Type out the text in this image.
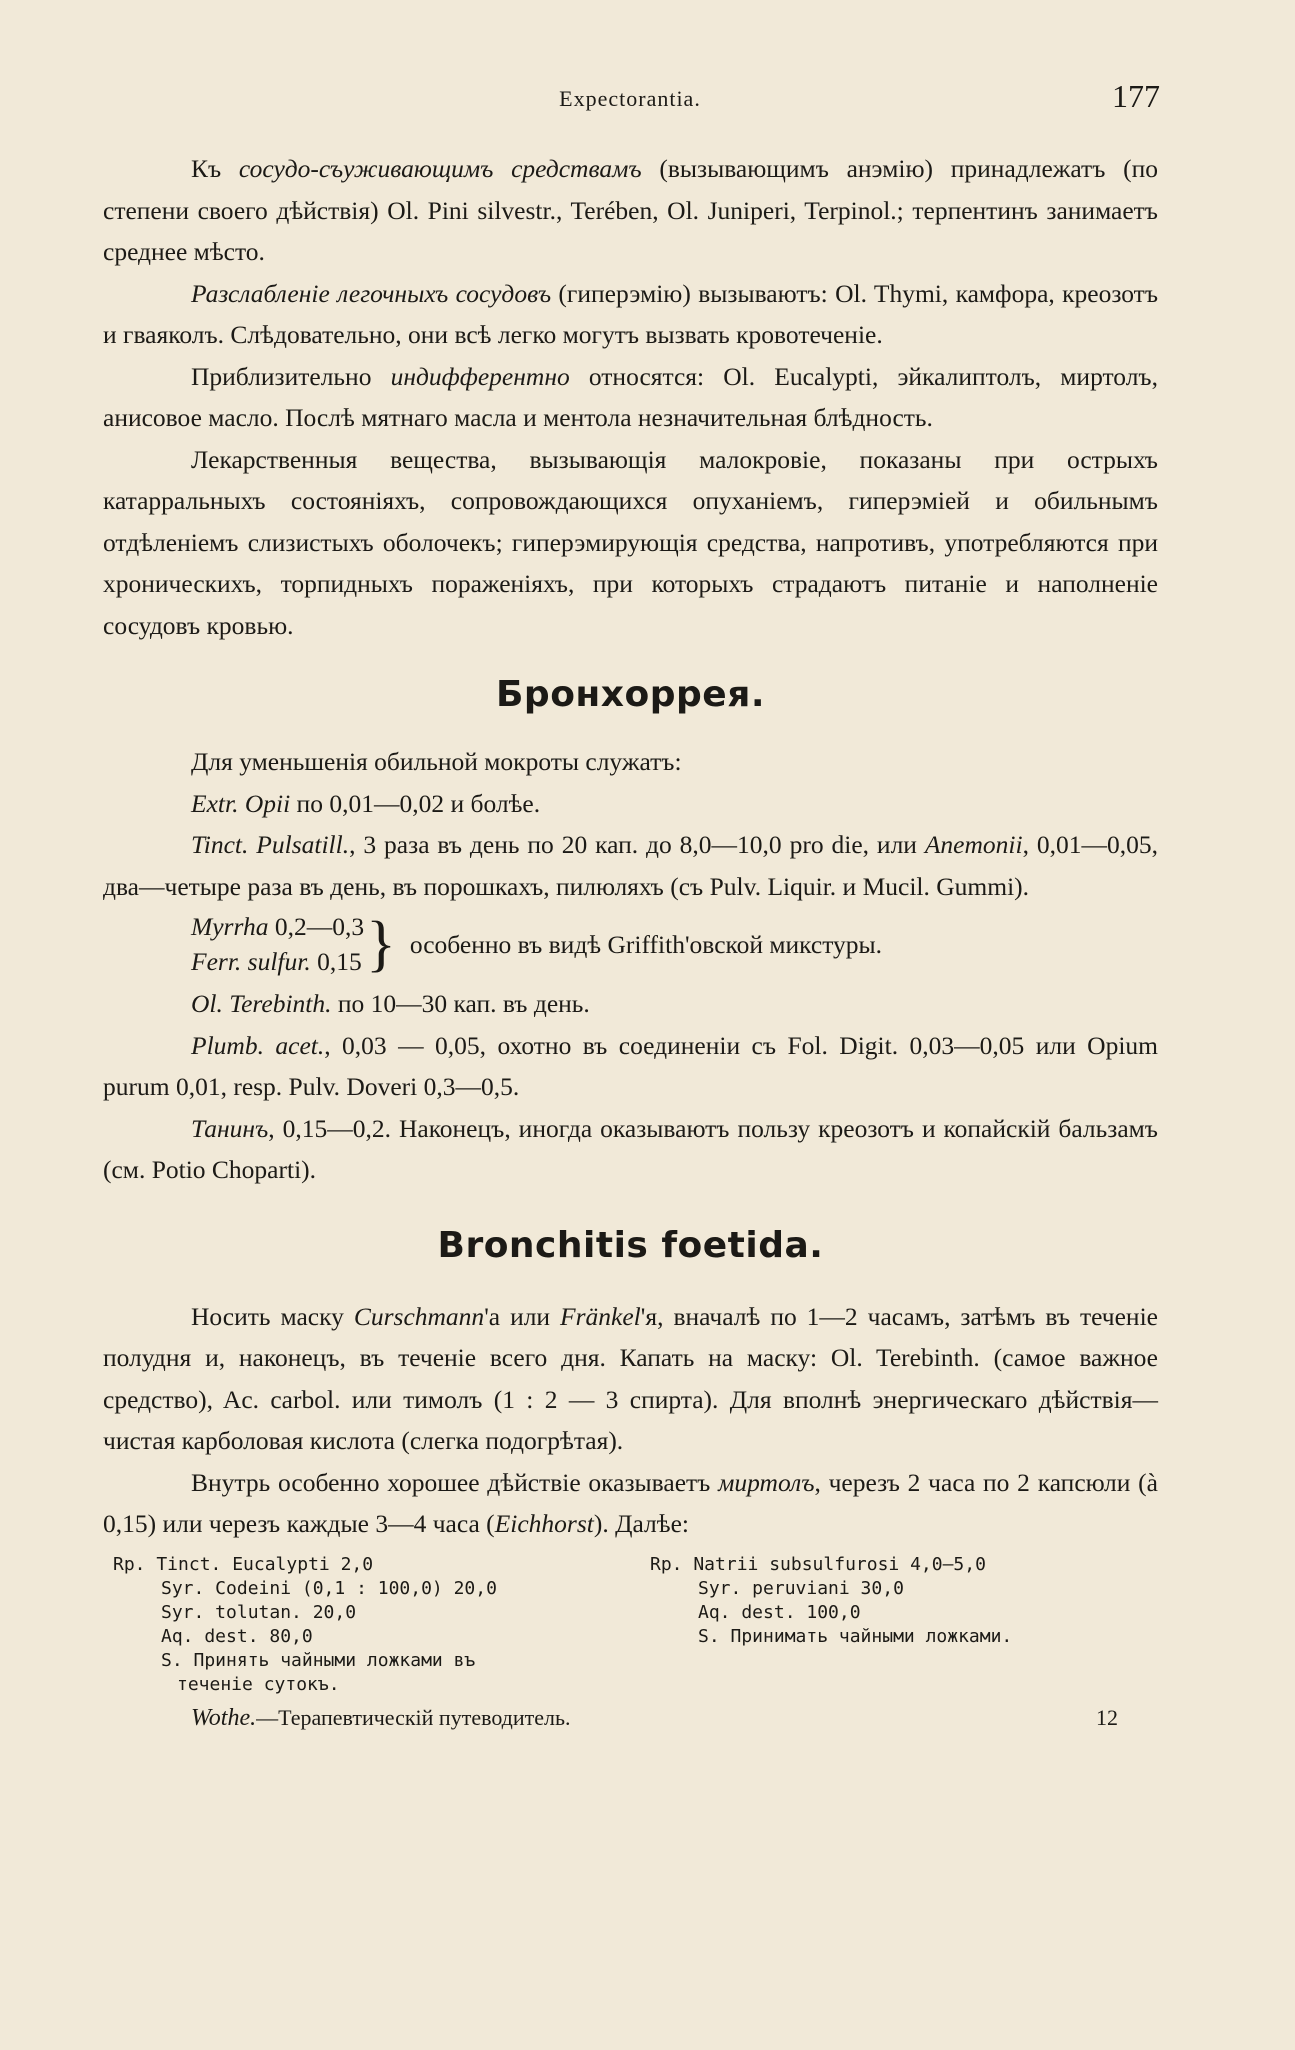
Expectorantia.	177

Къ сосудо-съуживающимъ средствамъ (вызывающимъ анэмію) принадлежатъ (по степени своего дѣйствія) Ol. Pini silvestr., Terében, Ol. Juniperi, Terpinol.; терпентинъ занимаетъ среднее мѣсто.

Разслабленіе легочныхъ сосудовъ (гиперэмію) вызываютъ: Ol. Thymi, камфора, креозотъ и гваяколъ. Слѣдовательно, они всѣ легко могутъ вызвать кровотеченіе.

Приблизительно индифферентно относятся: Ol. Eucalypti, эйкалиптолъ, миртолъ, анисовое масло. Послѣ мятнаго масла и ментола незначительная блѣдность.

Лекарственныя вещества, вызывающія малокровіе, показаны при острыхъ катарральныхъ состояніяхъ, сопровождающихся опуханіемъ, гиперэміей и обильнымъ отдѣленіемъ слизистыхъ оболочекъ; гиперэмирующія средства, напротивъ, употребляются при хроническихъ, торпидныхъ пораженіяхъ, при которыхъ страдаютъ питаніе и наполненіе сосудовъ кровью.

Бронхоррея.

Для уменьшенія обильной мокроты служатъ:

Extr. Opii по 0,01—0,02 и болѣе.

Tinct. Pulsatill., 3 раза въ день по 20 кап. до 8,0—10,0 pro die, или Anemonii, 0,01—0,05, два—четыре раза въ день, въ порошкахъ, пилюляхъ (съ Pulv. Liquir. и Mucil. Gummi).

Myrrha 0,2—0,3
Ferr. sulfur. 0,15 } особенно въ видѣ Griffith'овской микстуры.

Ol. Terebinth. по 10—30 кап. въ день.

Plumb. acet., 0,03 — 0,05, охотно въ соединеніи съ Fol. Digit. 0,03—0,05 или Opium purum 0,01, resp. Pulv. Doveri 0,3—0,5.

Танинъ, 0,15—0,2. Наконецъ, иногда оказываютъ пользу креозотъ и копайскій бальзамъ (см. Potio Choparti).

Bronchitis foetida.

Носить маску Curschmann'а или Fränkel'я, вначалѣ по 1—2 часамъ, затѣмъ въ теченіе полудня и, наконецъ, въ теченіе всего дня. Капать на маску: Ol. Terebinth. (самое важное средство), Ac. carbol. или тимолъ (1 : 2 — 3 спирта). Для вполнѣ энергическаго дѣйствія— чистая карболовая кислота (слегка подогрѣтая).

Внутрь особенно хорошее дѣйствіе оказываетъ миртолъ, черезъ 2 часа по 2 капсюли (à 0,15) или черезъ каждые 3—4 часа (Eichhorst). Далѣе:

Rp. Tinct. Eucalypti 2,0
Syr. Codeini (0,1 : 100,0) 20,0
Syr. tolutan. 20,0
Aq. dest. 80,0
S. Принять чайными ложками въ
теченіе сутокъ.
Rp. Natrii subsulfurosi 4,0—5,0
Syr. peruviani 30,0
Aq. dest. 100,0
S. Принимать чайными ложками.
Wothe.—Терапевтическій путеводитель.	12
